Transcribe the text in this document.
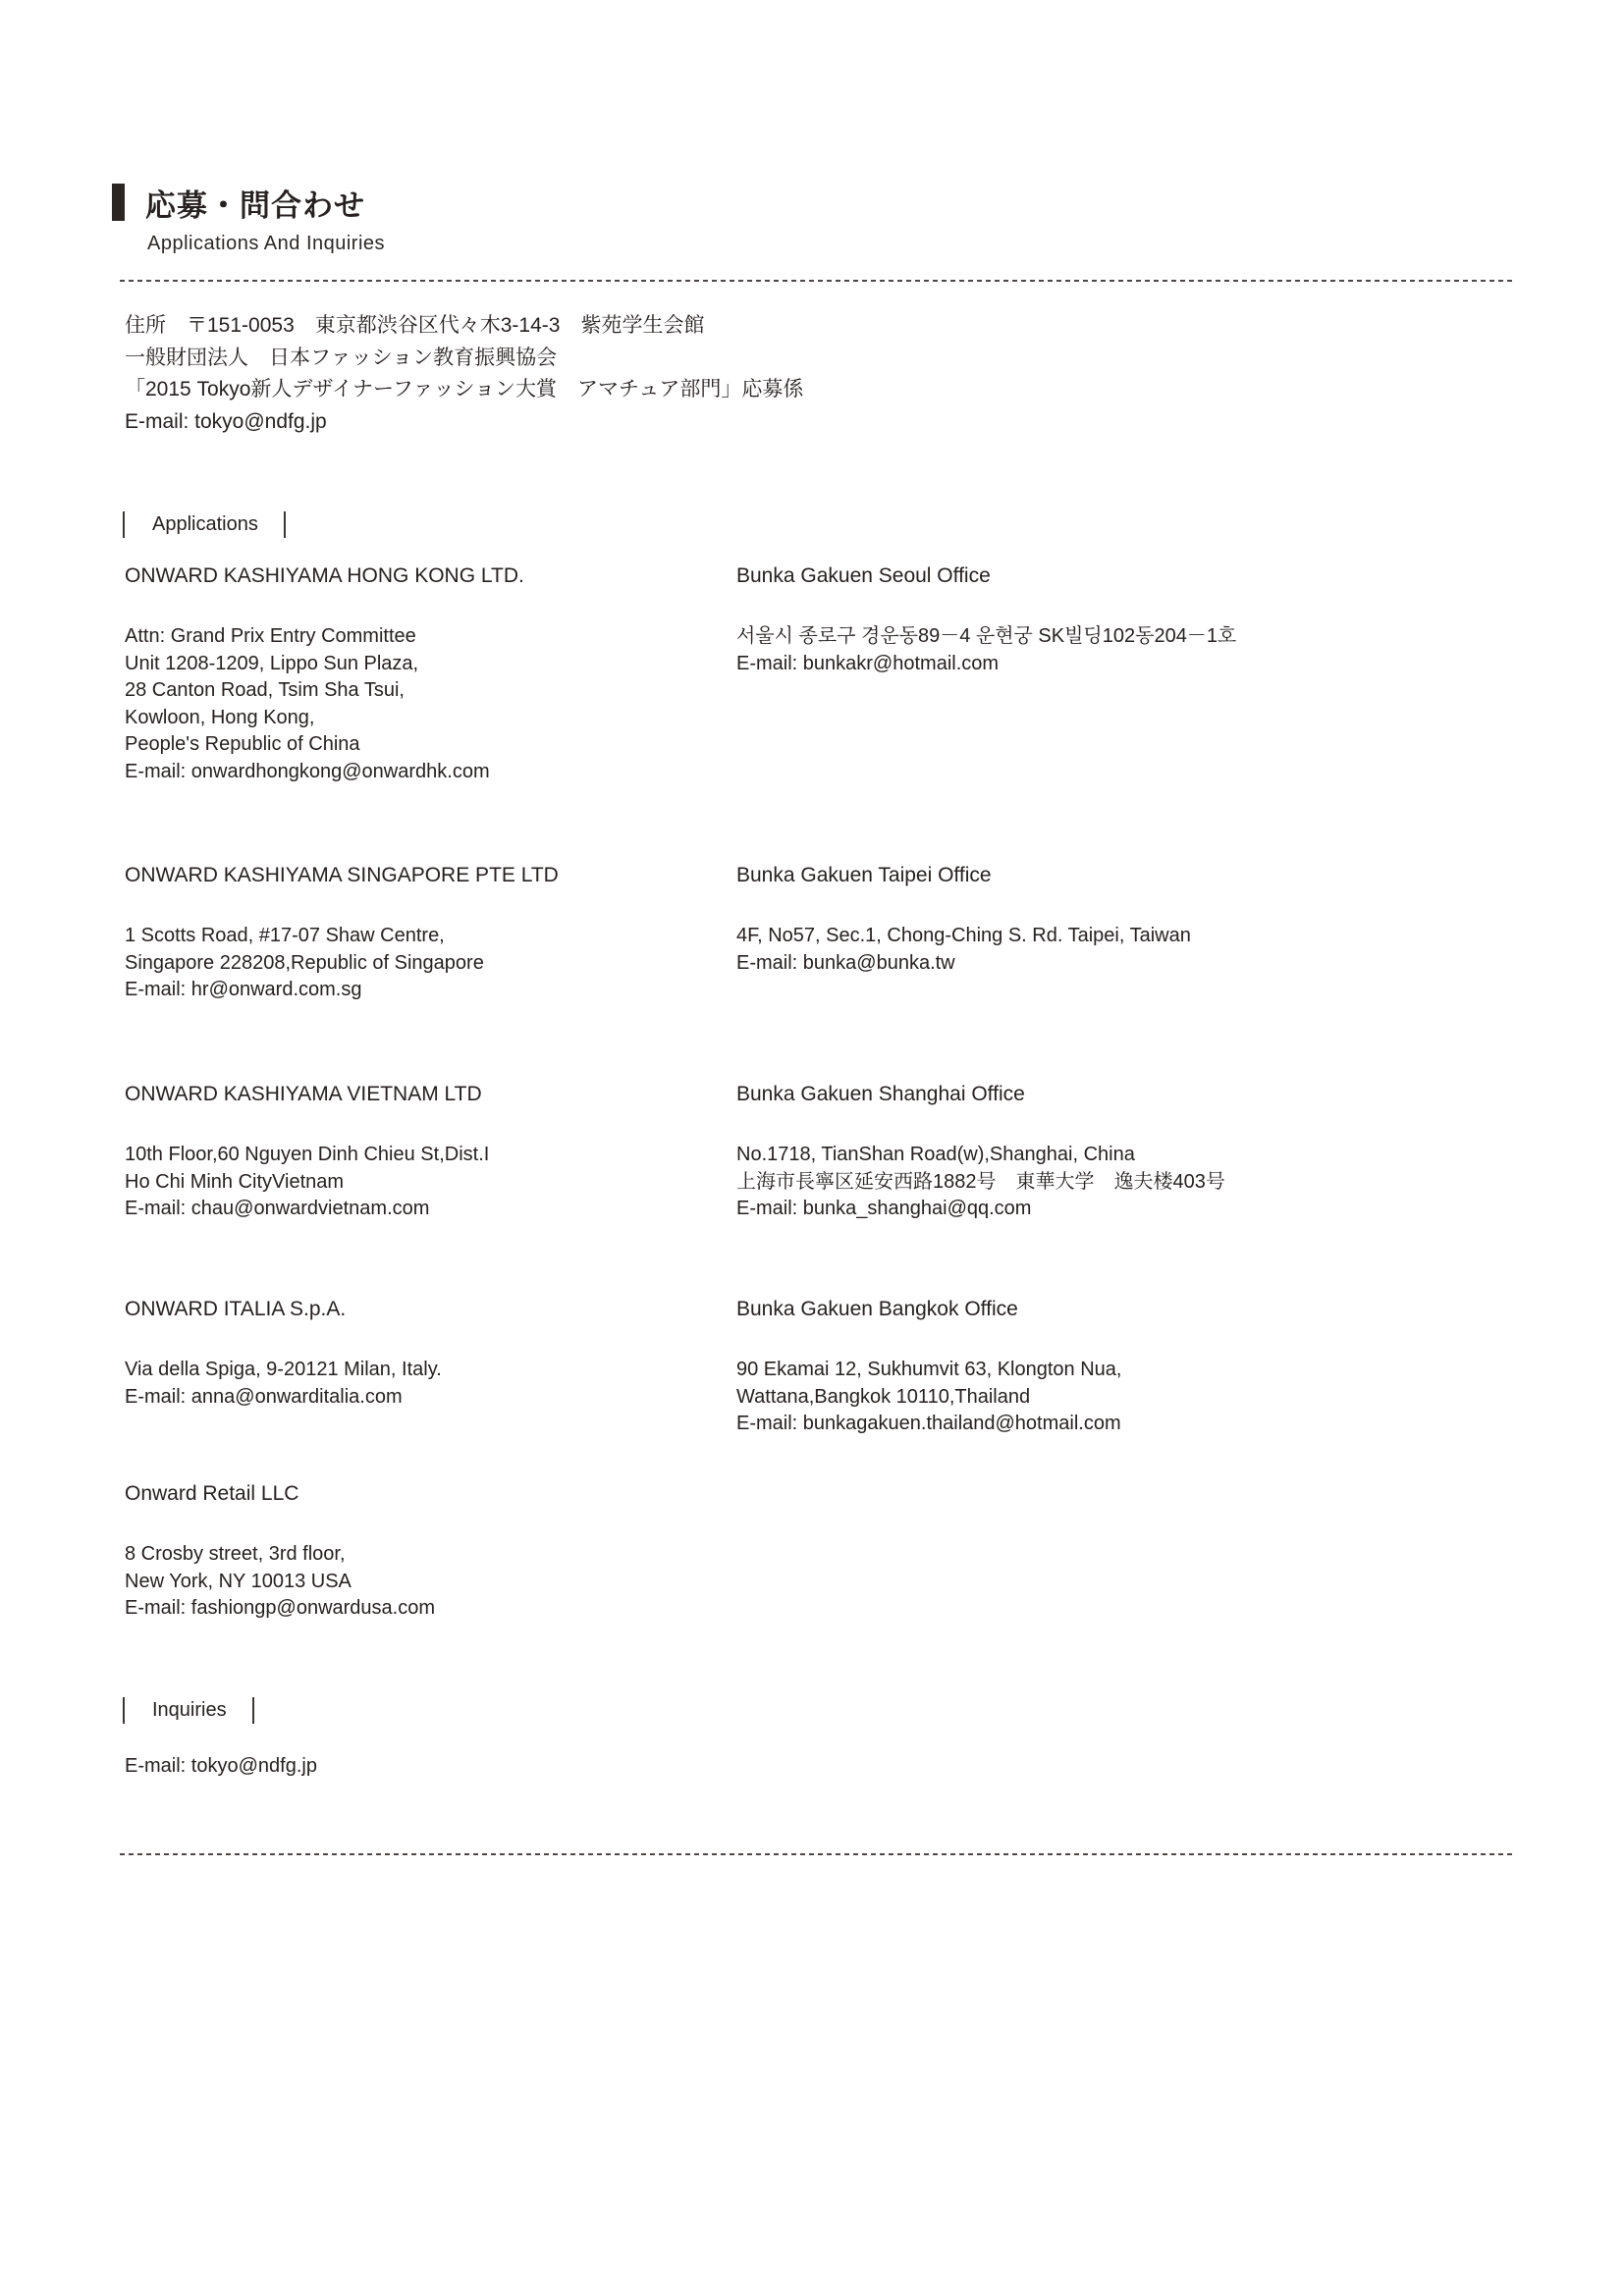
応募・問合わせ
Applications And Inquiries
住所　〒151-0053　東京都渋谷区代々木3-14-3　紫苑学生会館
一般財団法人　日本ファッション教育振興協会
「2015 Tokyo新人デザイナーファッション大賞　アマチュア部門」応募係
E-mail: tokyo@ndfg.jp
Applications
ONWARD KASHIYAMA HONG KONG LTD.
Attn: Grand Prix Entry Committee
Unit 1208-1209, Lippo Sun Plaza,
28 Canton Road, Tsim Sha Tsui,
Kowloon, Hong Kong,
People's Republic of China
E-mail: onwardhongkong@onwardhk.com
Bunka Gakuen Seoul Office
서울시 종로구 경운동89－4 운현궁 SK빌딩102동204－1호
E-mail: bunkakr@hotmail.com
ONWARD KASHIYAMA SINGAPORE PTE LTD
1 Scotts Road, #17-07 Shaw Centre,
Singapore 228208,Republic of Singapore
E-mail: hr@onward.com.sg
Bunka Gakuen Taipei Office
4F, No57, Sec.1, Chong-Ching S. Rd. Taipei, Taiwan
E-mail: bunka@bunka.tw
ONWARD KASHIYAMA VIETNAM LTD
10th Floor,60 Nguyen Dinh Chieu St,Dist.I
Ho Chi Minh CityVietnam
E-mail: chau@onwardvietnam.com
Bunka Gakuen Shanghai Office
No.1718, TianShan Road(w),Shanghai, China
上海市長寧区延安西路1882号　東華大学　逸夫楼403号
E-mail: bunka_shanghai@qq.com
ONWARD ITALIA S.p.A.
Via della Spiga, 9-20121 Milan, Italy.
E-mail: anna@onwarditalia.com
Bunka Gakuen Bangkok Office
90 Ekamai 12, Sukhumvit 63, Klongton Nua,
Wattana,Bangkok 10110,Thailand
E-mail: bunkagakuen.thailand@hotmail.com
Onward Retail LLC
8 Crosby street, 3rd floor,
New York, NY 10013 USA
E-mail: fashiongp@onwardusa.com
Inquiries
E-mail: tokyo@ndfg.jp
